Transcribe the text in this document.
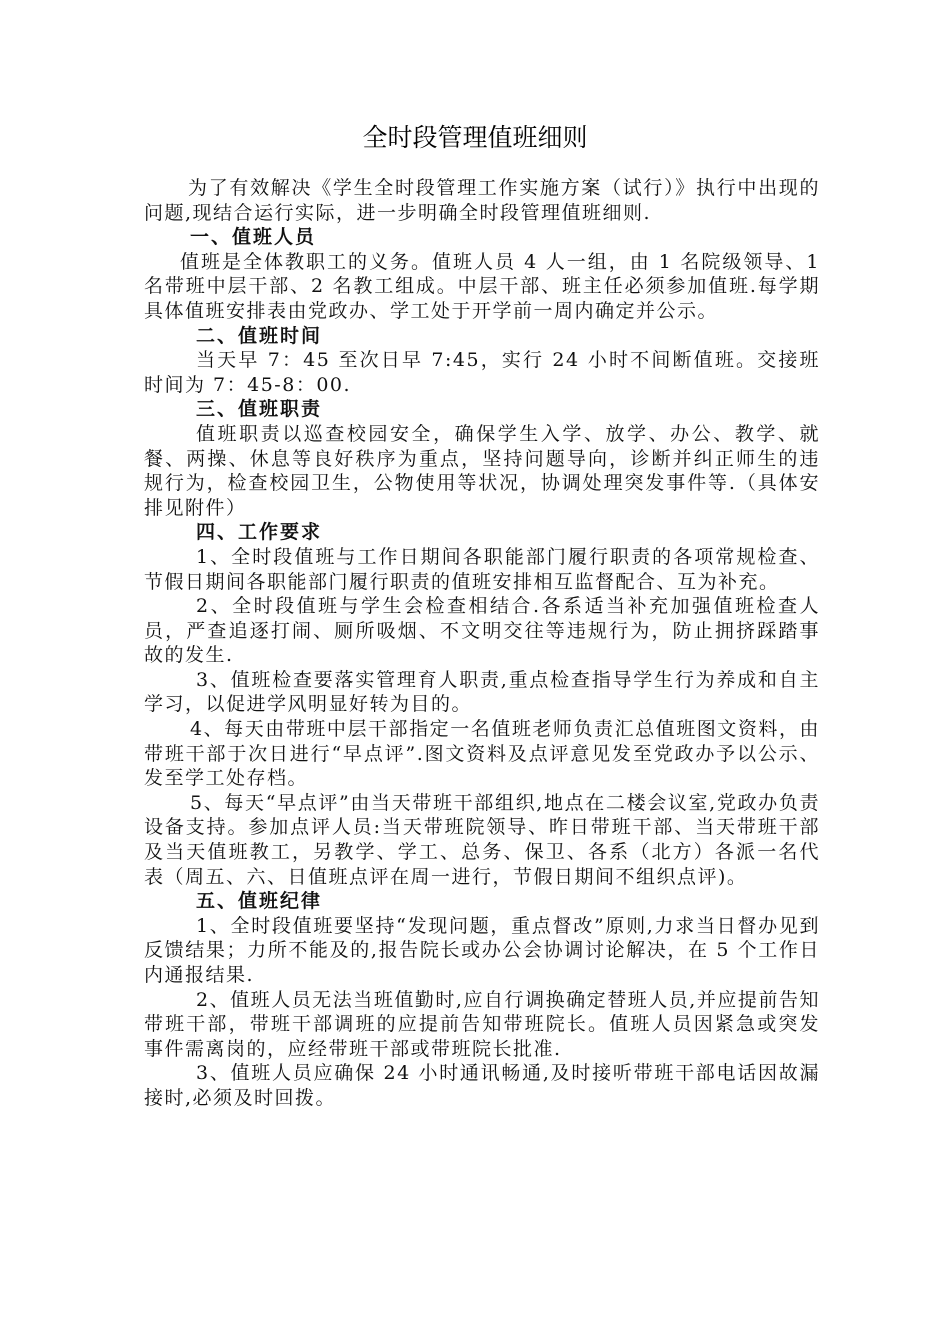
全时段管理值班细则

为了有效解决《学生全时段管理工作实施方案（试行）》执行中出现的问题,现结合运行实际，进一步明确全时段管理值班细则.

一、值班人员

值班是全体教职工的义务。值班人员 4 人一组，由 1 名院级领导、1 名带班中层干部、2 名教工组成。中层干部、班主任必须参加值班.每学期具体值班安排表由党政办、学工处于开学前一周内确定并公示。

二、值班时间

当天早 7：45 至次日早 7:45，实行 24 小时不间断值班。交接班时间为 7：45-8：00.

三、值班职责

值班职责以巡查校园安全，确保学生入学、放学、办公、教学、就餐、两操、休息等良好秩序为重点，坚持问题导向，诊断并纠正师生的违规行为，检查校园卫生，公物使用等状况，协调处理突发事件等.（具体安排见附件）

四、工作要求

1、全时段值班与工作日期间各职能部门履行职责的各项常规检查、节假日期间各职能部门履行职责的值班安排相互监督配合、互为补充。

2、全时段值班与学生会检查相结合.各系适当补充加强值班检查人员，严查追逐打闹、厕所吸烟、不文明交往等违规行为，防止拥挤踩踏事故的发生.

3、值班检查要落实管理育人职责,重点检查指导学生行为养成和自主学习，以促进学风明显好转为目的。

4、每天由带班中层干部指定一名值班老师负责汇总值班图文资料，由带班干部于次日进行“早点评”.图文资料及点评意见发至党政办予以公示、发至学工处存档。

5、每天“早点评”由当天带班干部组织,地点在二楼会议室,党政办负责设备支持。参加点评人员:当天带班院领导、昨日带班干部、当天带班干部及当天值班教工，另教学、学工、总务、保卫、各系（北方）各派一名代表（周五、六、日值班点评在周一进行，节假日期间不组织点评)。

五、值班纪律

1、全时段值班要坚持“发现问题，重点督改”原则,力求当日督办见到反馈结果；力所不能及的,报告院长或办公会协调讨论解决，在 5 个工作日内通报结果.

2、值班人员无法当班值勤时,应自行调换确定替班人员,并应提前告知带班干部，带班干部调班的应提前告知带班院长。值班人员因紧急或突发事件需离岗的，应经带班干部或带班院长批准.

3、值班人员应确保 24 小时通讯畅通,及时接听带班干部电话因故漏接时,必须及时回拨。
